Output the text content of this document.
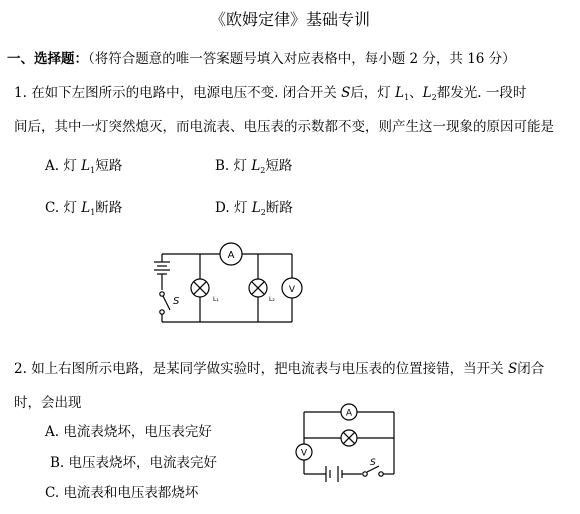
《欧姆定律》基础专训
一、选择题：（将符合题意的唯一答案题号填入对应表格中，每小题 2 分，共 16 分）
1. 在如下左图所示的电路中，电源电压不变. 闭合开关 S后，灯 $L_1$、$L_2$都发光. 一段时
间后，其中一灯突然熄灭，而电流表、电压表的示数都不变，则产生这一现象的原因可能是
A. 灯 $L_1$短路	B. 灯 $L_2$短路
C. 灯 $L_1$断路	D. 灯 $L_2$断路
A
L₁	L₂
V
S
2. 如上右图所示电路，是某同学做实验时，把电流表与电压表的位置接错，当开关 S闭合
时，会出现
A. 电流表烧坏，电压表完好
B. 电压表烧坏，电流表完好
C. 电流表和电压表都烧坏
A
V
S
